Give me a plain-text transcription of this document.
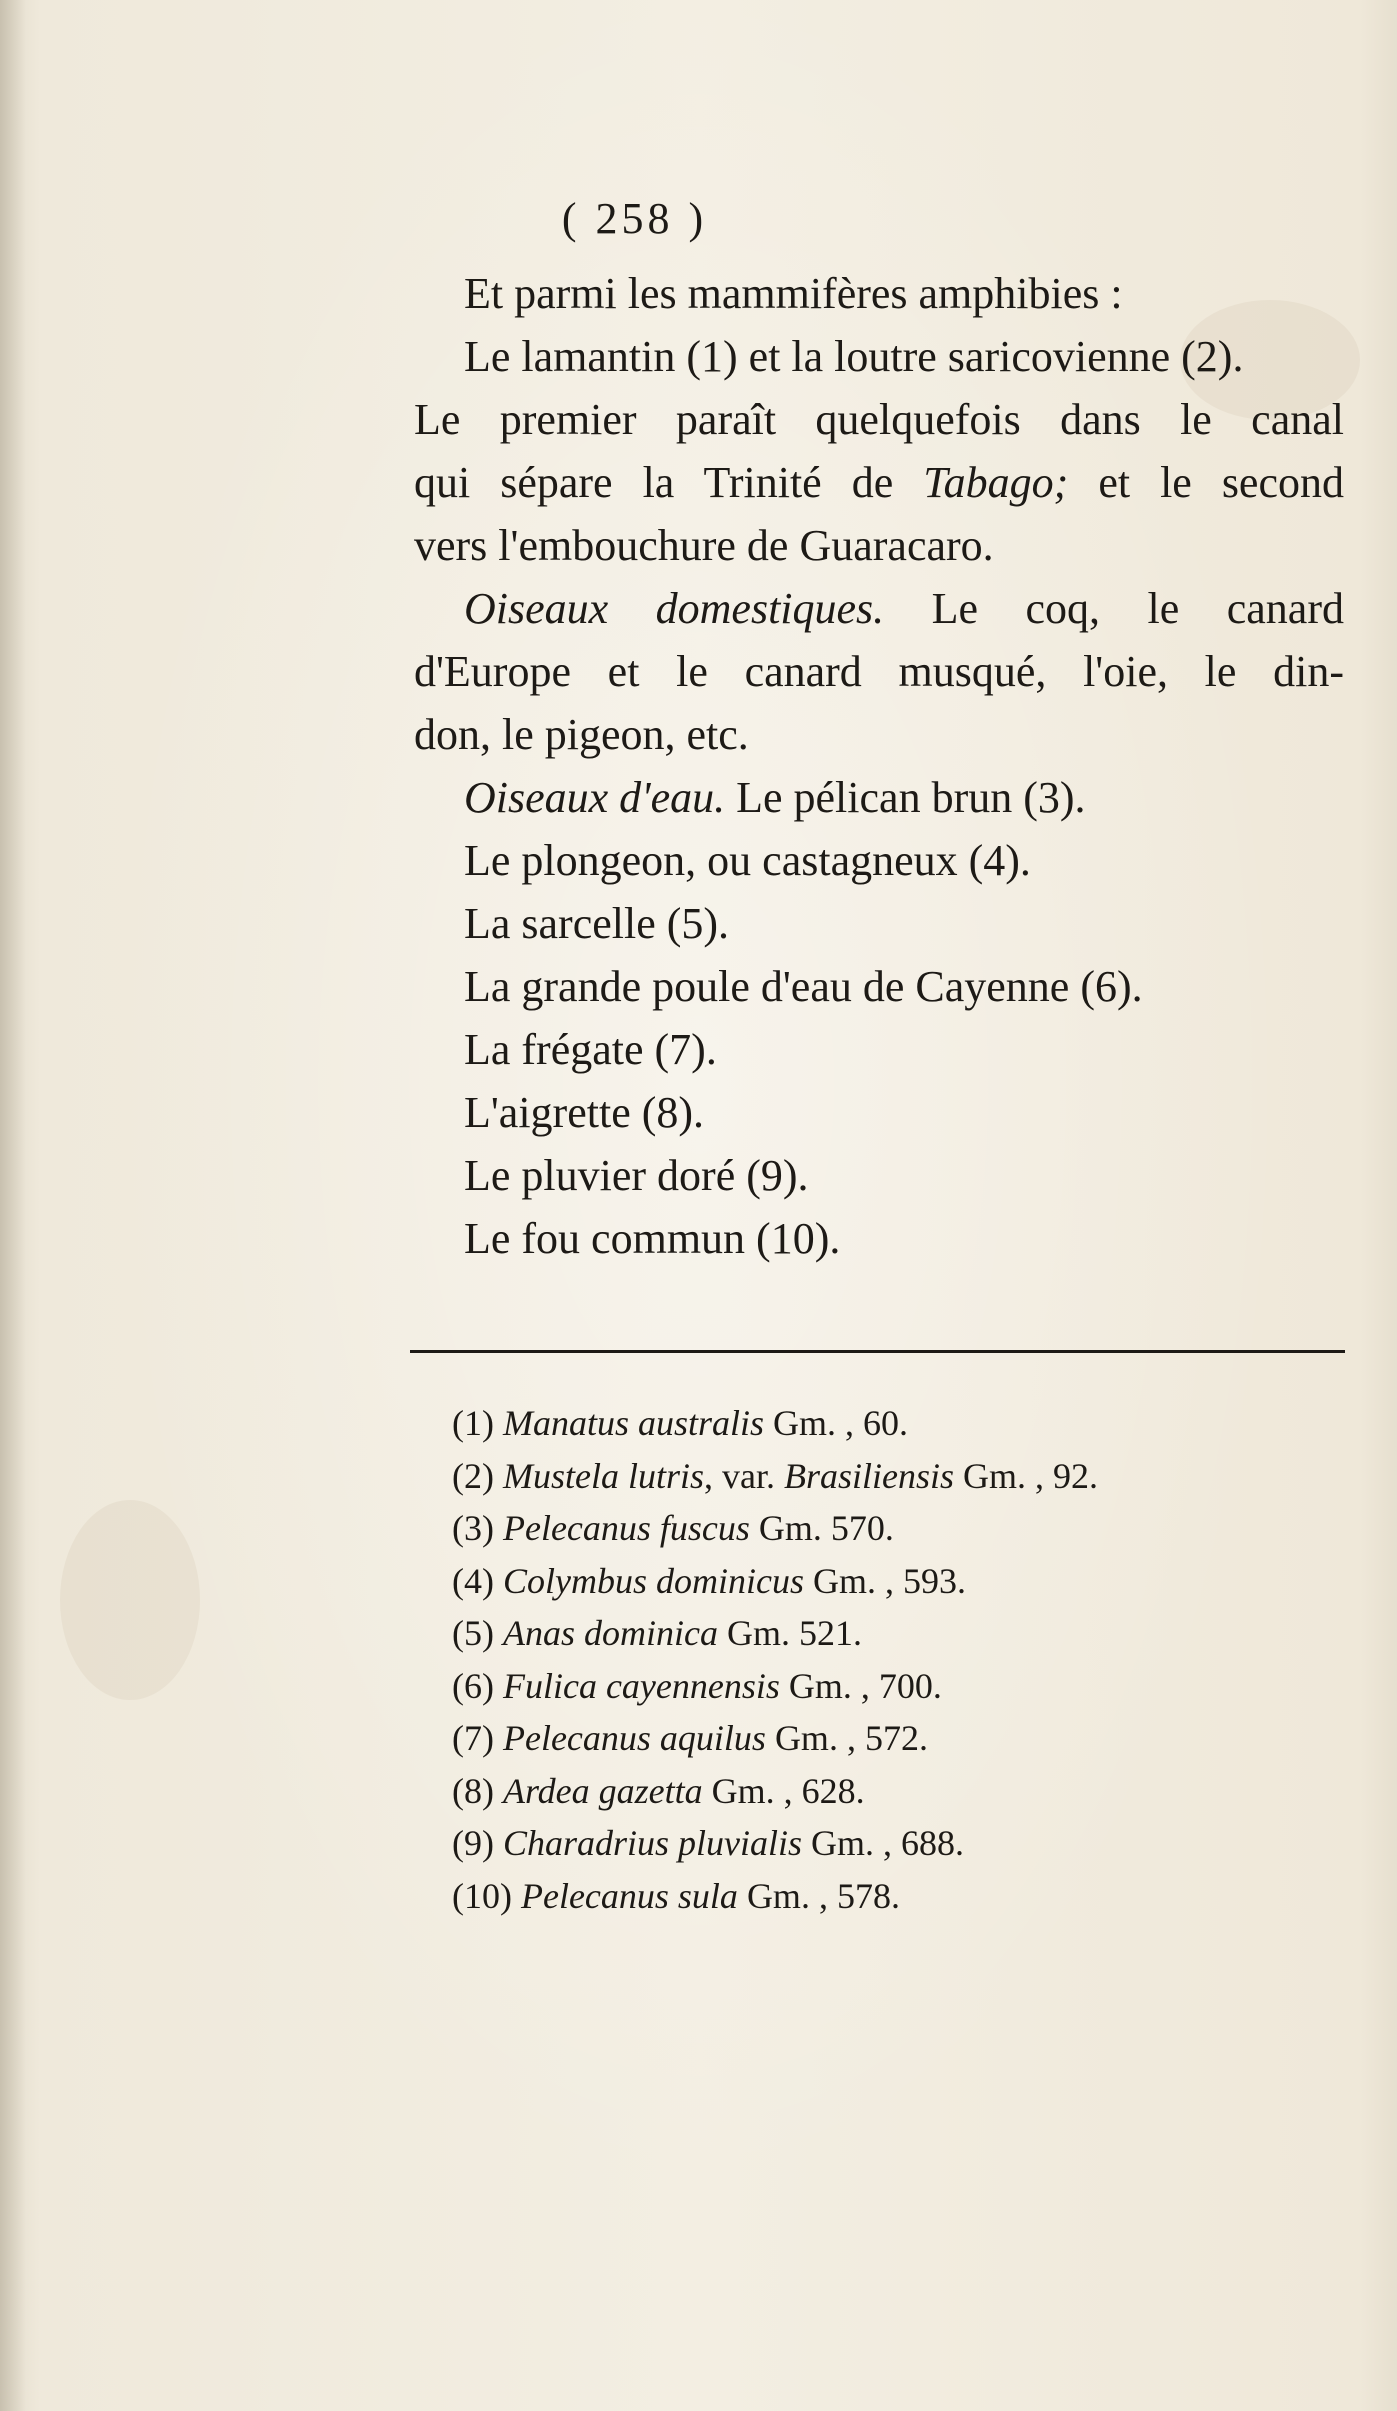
( 258 )
Et parmi les mammifères amphibies :
Le lamantin (1) et la loutre saricovienne (2).
Le premier paraît quelquefois dans le canal
qui sépare la Trinité de Tabago; et le second
vers l'embouchure de Guaracaro.
Oiseaux domestiques. Le coq, le canard
d'Europe et le canard musqué, l'oie, le din-
don, le pigeon, etc.
Oiseaux d'eau. Le pélican brun (3).
Le plongeon, ou castagneux (4).
La sarcelle (5).
La grande poule d'eau de Cayenne (6).
La frégate (7).
L'aigrette (8).
Le pluvier doré (9).
Le fou commun (10).
(1) Manatus australis Gm. , 60.
(2) Mustela lutris, var. Brasiliensis Gm. , 92.
(3) Pelecanus fuscus Gm. 570.
(4) Colymbus dominicus Gm. , 593.
(5) Anas dominica Gm. 521.
(6) Fulica cayennensis Gm. , 700.
(7) Pelecanus aquilus Gm. , 572.
(8) Ardea gazetta Gm. , 628.
(9) Charadrius pluvialis Gm. , 688.
(10) Pelecanus sula Gm. , 578.
